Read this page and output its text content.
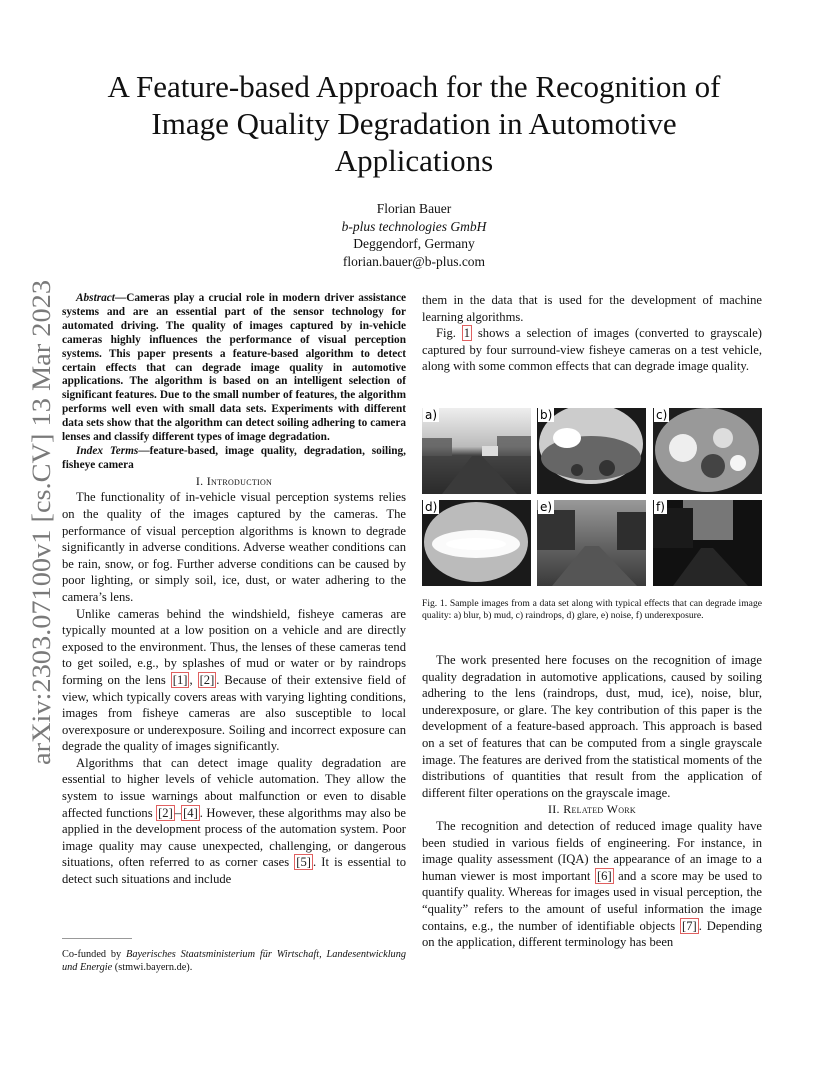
arXiv:2303.07100v1 [cs.CV] 13 Mar 2023
A Feature-based Approach for the Recognition of
Image Quality Degradation in Automotive
Applications
Florian Bauer
b-plus technologies GmbH
Deggendorf, Germany
florian.bauer@b-plus.com

Abstract—Cameras play a crucial role in modern driver assistance systems and are an essential part of the sensor technology for automated driving. The quality of images captured by in-vehicle cameras highly influences the performance of visual perception systems. This paper presents a feature-based algorithm to detect certain effects that can degrade image quality in automotive applications. The algorithm is based on an intelligent selection of significant features. Due to the small number of features, the algorithm performs well even with small data sets. Experiments with different data sets show that the algorithm can detect soiling adhering to camera lenses and classify different types of image degradation.

Index Terms—feature-based, image quality, degradation, soiling, fisheye camera

I. Introduction

The functionality of in-vehicle visual perception systems relies on the quality of the images captured by the cameras. The performance of visual perception algorithms is known to degrade significantly in adverse conditions. Adverse weather conditions can be rain, snow, or fog. Further adverse conditions can be caused by poor lighting, or simply soil, ice, dust, or water adhering to the camera’s lens.

Unlike cameras behind the windshield, fisheye cameras are typically mounted at a low position on a vehicle and are directly exposed to the environment. Thus, the lenses of these cameras tend to get soiled, e.g., by splashes of mud or water or by raindrops forming on the lens [1] , [2] . Because of their extensive field of view, which typically covers areas with varying lighting conditions, images from fisheye cameras are also susceptible to local overexposure or underexposure. Soiling and incorrect exposure can degrade the quality of images significantly.

Algorithms that can detect image quality degradation are essential to higher levels of vehicle automation. They allow the system to issue warnings about malfunction or even to disable affected functions [2] – [4] . However, these algorithms may also be applied in the development process of the automation system. Poor image quality may cause unexpected, challenging, or dangerous situations, often referred to as corner cases [5] . It is essential to detect such situations and include

Co-funded by Bayerisches Staatsministerium für Wirtschaft, Landesentwicklung und Energie (stmwi.bayern.de).

them in the data that is used for the development of machine learning algorithms.

Fig. 1 shows a selection of images (converted to grayscale) captured by four surround-view fisheye cameras on a test vehicle, along with some common effects that can degrade image quality.

a)	b)	c)
d)	e)	f)
Fig. 1. Sample images from a data set along with typical effects that can degrade image quality: a) blur, b) mud, c) raindrops, d) glare, e) noise, f) underexposure.

The work presented here focuses on the recognition of image quality degradation in automotive applications, caused by soiling adhering to the lens (raindrops, dust, mud, ice), noise, blur, underexposure, or glare. The key contribution of this paper is the development of a feature-based approach. This approach is based on a set of features that can be computed from a single grayscale image. The features are derived from the statistical moments of the distributions of quantities that result from the application of different filter operations on the grayscale image.

II. Related Work

The recognition and detection of reduced image quality have been studied in various fields of engineering. For instance, in image quality assessment (IQA) the appearance of an image to a human viewer is most important [6] and a score may be used to quantify quality. Whereas for images used in visual perception, the “quality” refers to the amount of useful information the image contains, e.g., the number of identifiable objects [7] . Depending on the application, different terminology has been
